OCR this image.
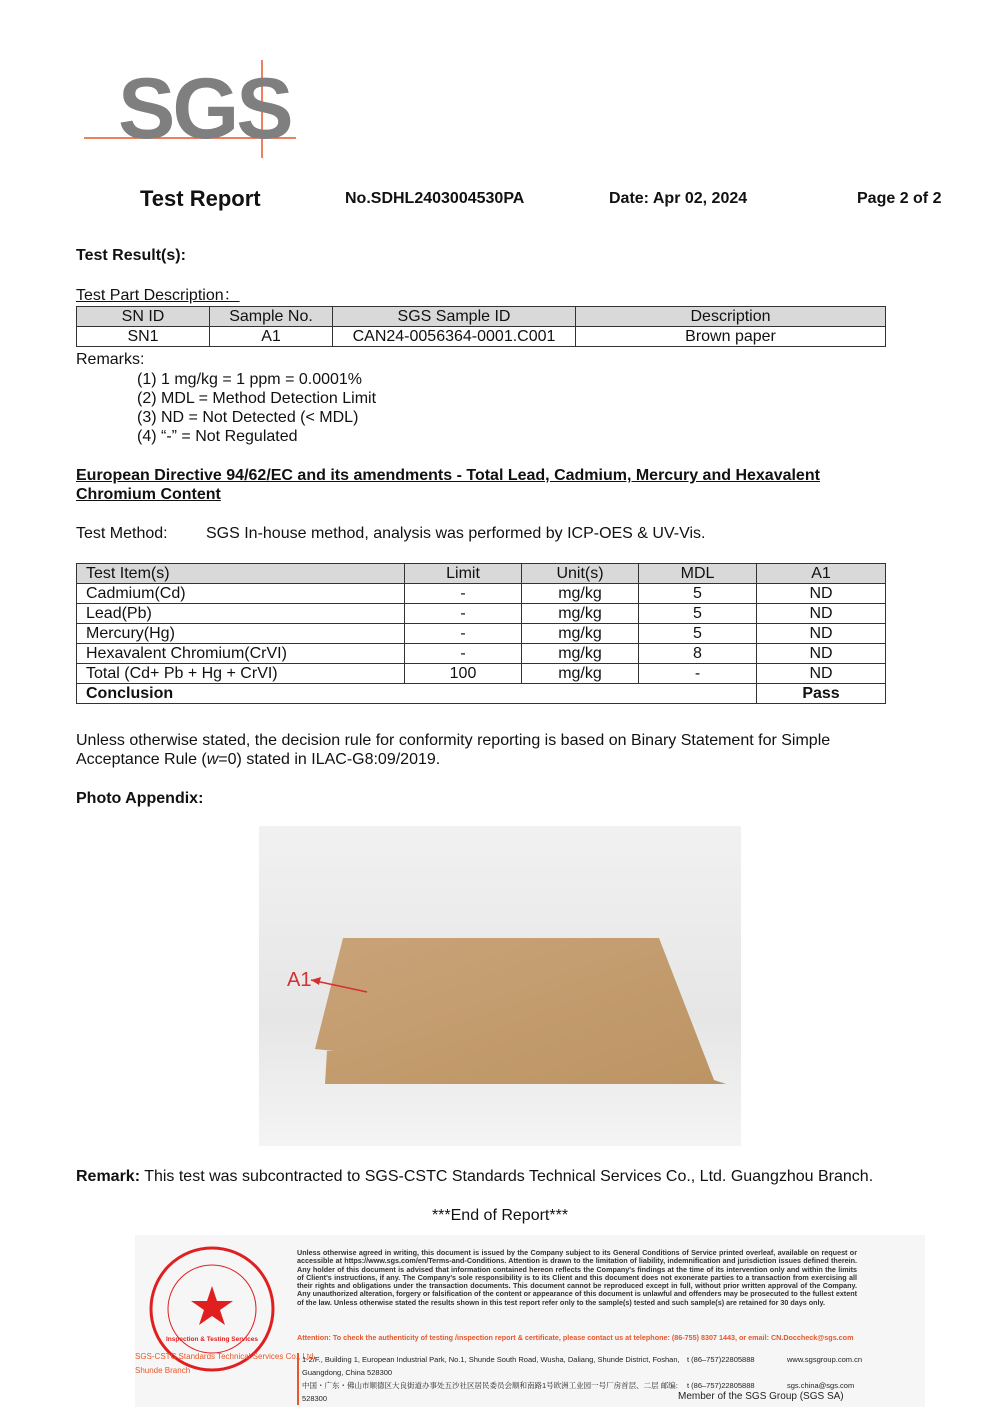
SGS
Test Report	No.SDHL2403004530PA	Date: Apr 02, 2024	Page 2 of 2
Test Result(s):
Test Part Description：
SN ID	Sample No.	SGS Sample ID	Description
SN1	A1	CAN24-0056364-0001.C001	Brown paper
Remarks:
(1) 1 mg/kg = 1 ppm = 0.0001%
(2) MDL = Method Detection Limit
(3) ND = Not Detected (< MDL)
(4) “-” = Not Regulated
European Directive 94/62/EC and its amendments - Total Lead, Cadmium, Mercury and Hexavalent
Chromium Content
Test Method: SGS In-house method, analysis was performed by ICP-OES & UV-Vis.
Test Item(s)	Limit	Unit(s)	MDL	A1
Cadmium(Cd)	-	mg/kg	5	ND
Lead(Pb)	-	mg/kg	5	ND
Mercury(Hg)	-	mg/kg	5	ND
Hexavalent Chromium(CrVI)	-	mg/kg	8	ND
Total (Cd+ Pb + Hg + CrVI)	100	mg/kg	-	ND
Conclusion				Pass
Unless otherwise stated, the decision rule for conformity reporting is based on Binary Statement for Simple
Acceptance Rule (w=0) stated in ILAC-G8:09/2019.
Photo Appendix:
A1
Remark: This test was subcontracted to SGS-CSTC Standards Technical Services Co., Ltd. Guangzhou Branch.
***End of Report***
Inspection & Testing Services
Unless otherwise agreed in writing, this document is issued by the Company subject to its General Conditions of Service printed overleaf, available on request or accessible at https://www.sgs.com/en/Terms-and-Conditions. Attention is drawn to the limitation of liability, indemnification and jurisdiction issues defined therein. Any holder of this document is advised that information contained hereon reflects the Company's findings at the time of its intervention only and within the limits of Client's instructions, if any. The Company's sole responsibility is to its Client and this document does not exonerate parties to a transaction from exercising all their rights and obligations under the transaction documents. This document cannot be reproduced except in full, without prior written approval of the Company. Any unauthorized alteration, forgery or falsification of the content or appearance of this document is unlawful and offenders may be prosecuted to the fullest extent of the law. Unless otherwise stated the results shown in this test report refer only to the sample(s) tested and such sample(s) are retained for 30 days only.
Attention: To check the authenticity of testing /inspection report & certificate, please contact us at telephone: (86-755) 8307 1443, or email: CN.Doccheck@sgs.com
SGS-CSTC Standards Technical Services Co., Ltd.
Shunde Branch
1-2/F., Building 1, European Industrial Park, No.1, Shunde South Road, Wusha, Daliang, Shunde District, Foshan, Guangdong, China 528300
t (86–757)22805888	www.sgsgroup.com.cn
中国・广东・佛山市顺德区大良街道办事处五沙社区居民委员会顺和南路1号欧洲工业园一号厂房首层、二层 邮编: 528300
t (86–757)22805888	sgs.china@sgs.com
Member of the SGS Group (SGS SA)
